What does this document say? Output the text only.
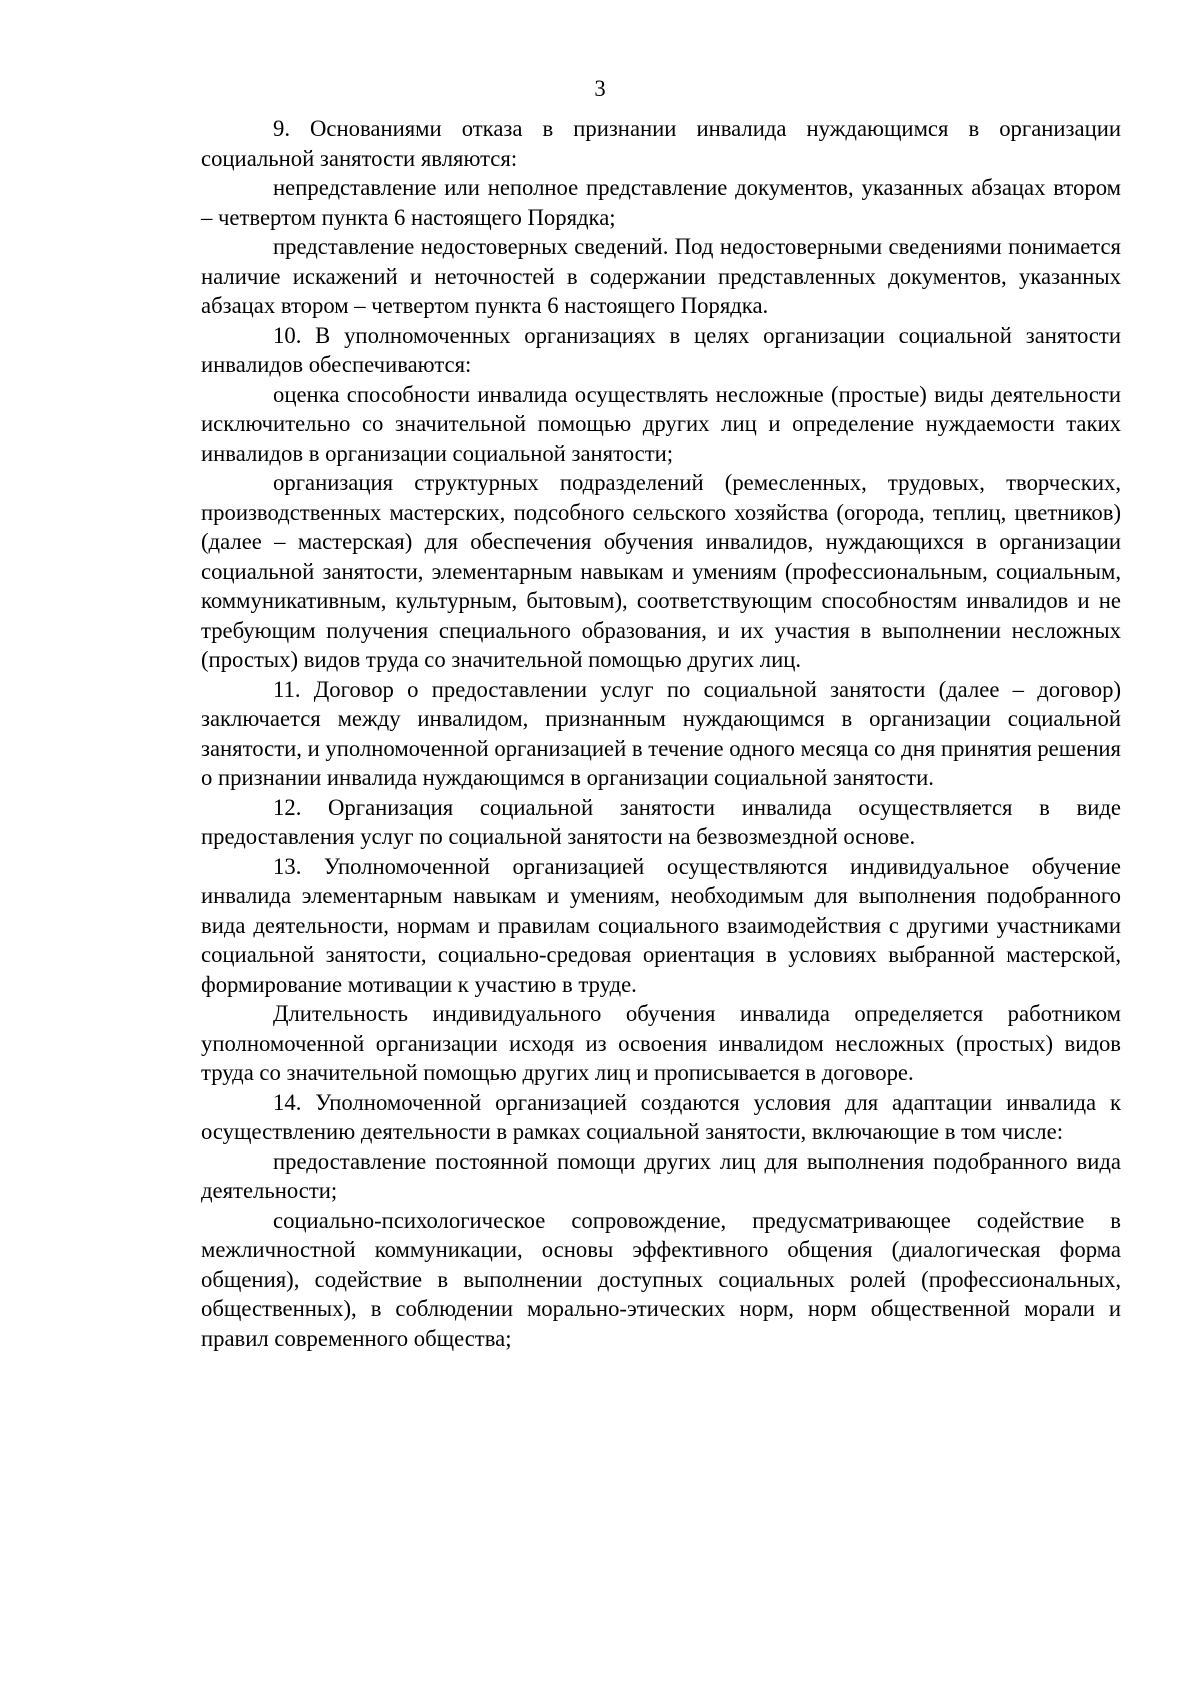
3

9. Основаниями отказа в признании инвалида нуждающимся в организации социальной занятости являются:

непредставление или неполное представление документов, указанных абзацах втором – четвертом пункта 6 настоящего Порядка;

представление недостоверных сведений. Под недостоверными сведениями понимается наличие искажений и неточностей в содержании представленных документов, указанных абзацах втором – четвертом пункта 6 настоящего Порядка.

10. В уполномоченных организациях в целях организации социальной занятости инвалидов обеспечиваются:

оценка способности инвалида осуществлять несложные (простые) виды деятельности исключительно со значительной помощью других лиц и определение нуждаемости таких инвалидов в организации социальной занятости;

организация структурных подразделений (ремесленных, трудовых, творческих, производственных мастерских, подсобного сельского хозяйства (огорода, теплиц, цветников) (далее – мастерская) для обеспечения обучения инвалидов, нуждающихся в организации социальной занятости, элементарным навыкам и умениям (профессиональным, социальным, коммуникативным, культурным, бытовым), соответствующим способностям инвалидов и не требующим получения специального образования, и их участия в выполнении несложных (простых) видов труда со значительной помощью других лиц.

11. Договор о предоставлении услуг по социальной занятости (далее – договор) заключается между инвалидом, признанным нуждающимся в организации социальной занятости, и уполномоченной организацией в течение одного месяца со дня принятия решения о признании инвалида нуждающимся в организации социальной занятости.

12. Организация социальной занятости инвалида осуществляется в виде предоставления услуг по социальной занятости на безвозмездной основе.

13. Уполномоченной организацией осуществляются индивидуальное обучение инвалида элементарным навыкам и умениям, необходимым для выполнения подобранного вида деятельности, нормам и правилам социального взаимодействия с другими участниками социальной занятости, социально-средовая ориентация в условиях выбранной мастерской, формирование мотивации к участию в труде.

Длительность индивидуального обучения инвалида определяется работником уполномоченной организации исходя из освоения инвалидом несложных (простых) видов труда со значительной помощью других лиц и прописывается в договоре.

14. Уполномоченной организацией создаются условия для адаптации инвалида к осуществлению деятельности в рамках социальной занятости, включающие в том числе:

предоставление постоянной помощи других лиц для выполнения подобранного вида деятельности;

социально-психологическое сопровождение, предусматривающее содействие в межличностной коммуникации, основы эффективного общения (диалогическая форма общения), содействие в выполнении доступных социальных ролей (профессиональных, общественных), в соблюдении морально-этических норм, норм общественной морали и правил современного общества;
